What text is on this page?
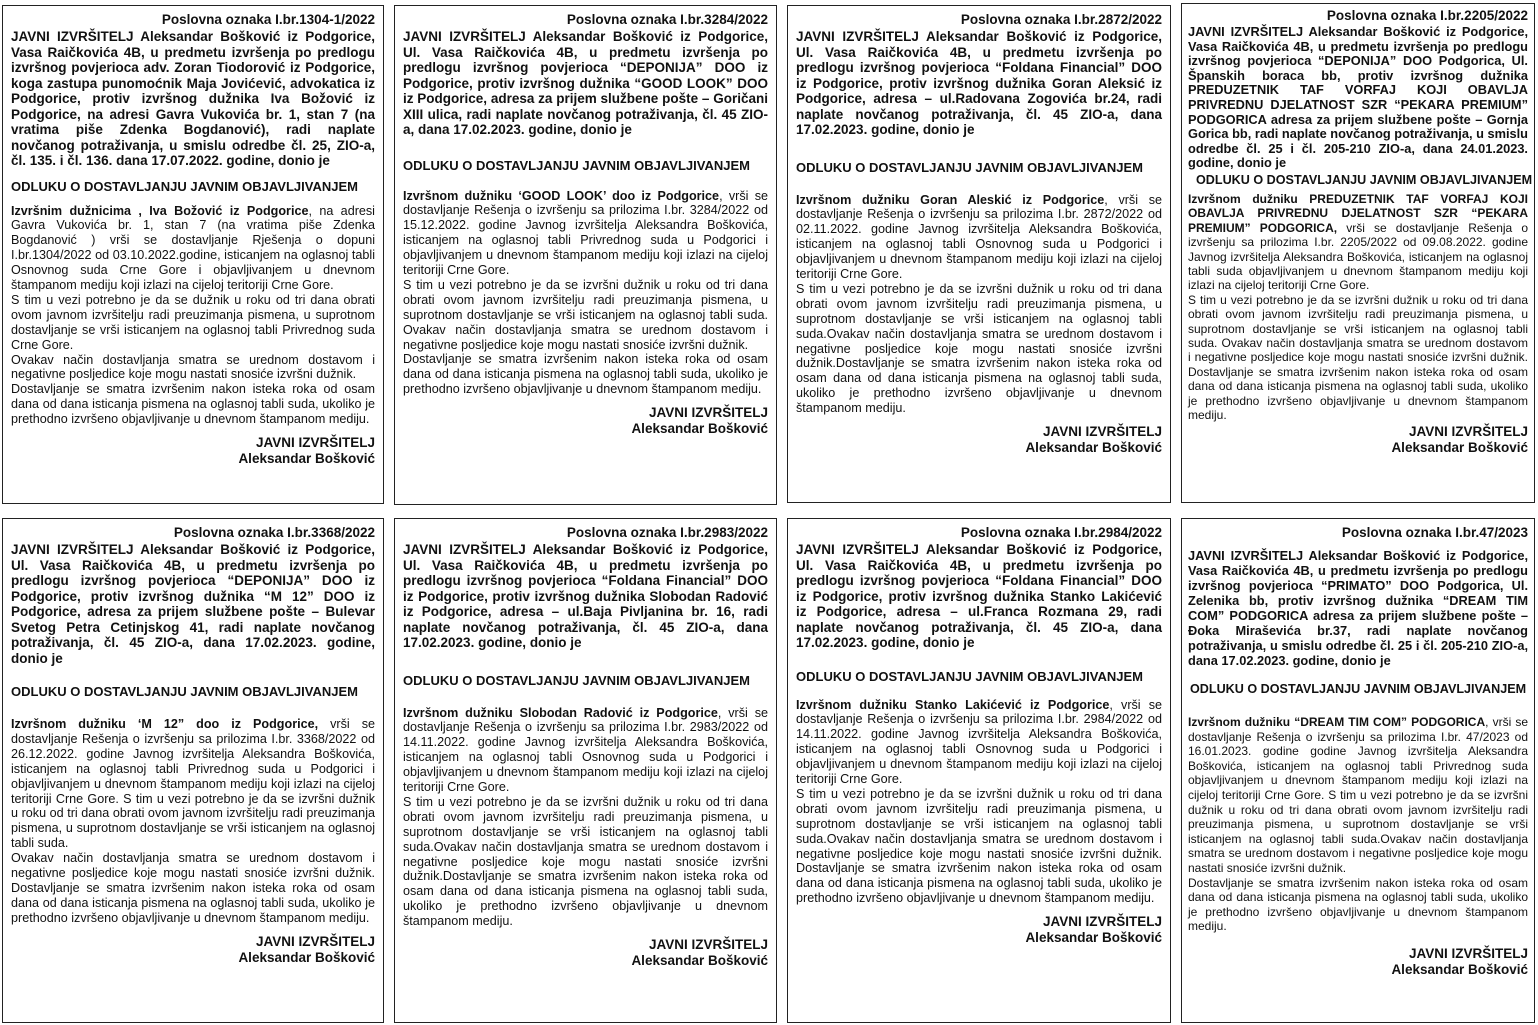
Poslovna oznaka I.br.1304-1/2022

JAVNI IZVRŠITELJ Aleksandar Bošković iz Podgorice, Vasa Raičkovića 4B, u predmetu izvršenja po predlogu izvršnog povjerioca adv. Zoran Tiodorović iz Podgorice, koga zastupa punomoćnik Maja Jovićević, advokatica iz Podgorice, protiv izvršnog dužnika Iva Božović iz Podgorice, na adresi Gavra Vukovića br. 1, stan 7 (na vratima piše Zdenka Bogdanović), radi naplate novčanog potraživanja, u smislu odredbe čl. 25, ZIO-a, čl. 135. i čl. 136. dana 17.07.2022. godine, donio je

ODLUKU O DOSTAVLJANJU JAVNIM OBJAVLJIVANJEM

Izvršnim dužnicima , Iva Božović iz Podgorice, na adresi Gavra Vukovića br. 1, stan 7 (na vratima piše Zdenka Bogdanović ) vrši se dostavljanje Rješenja o dopuni I.br.1304/2022 od 03.10.2022.godine, isticanjem na oglasnoj tabli Osnovnog suda Crne Gore i objavljivanjem u dnevnom štampanom mediju koji izlazi na cijeloj teritoriji Crne Gore.

S tim u vezi potrebno je da se dužnik u roku od tri dana obrati ovom javnom izvršitelju radi preuzimanja pismena, u suprotnom dostavljanje se vrši isticanjem na oglasnoj tabli Privrednog suda Crne Gore.

Ovakav način dostavljanja smatra se urednom dostavom i negativne posljedice koje mogu nastati snosiće izvršni dužnik.

Dostavljanje se smatra izvršenim nakon isteka roka od osam dana od dana isticanja pismena na oglasnoj tabli suda, ukoliko je prethodno izvršeno objavljivanje u dnevnom štampanom mediju.

JAVNI IZVRŠITELJ
Aleksandar Bošković
Poslovna oznaka I.br.3284/2022

JAVNI IZVRŠITELJ Aleksandar Bošković iz Podgorice, Ul. Vasa Raičkovića 4B, u predmetu izvršenja po predlogu izvršnog povjerioca “DEPONIJA” DOO iz Podgorice, protiv izvršnog dužnika “GOOD LOOK” DOO iz Podgorice, adresa za prijem službene pošte – Goričani XIII ulica, radi naplate novčanog potraživanja, čl. 45 ZIO-a, dana 17.02.2023. godine, donio je

ODLUKU O DOSTAVLJANJU JAVNIM OBJAVLJIVANJEM

Izvršnom dužniku ‘GOOD LOOK’ doo iz Podgorice, vrši se dostavljanje Rešenja o izvršenju sa prilozima I.br. 3284/2022 od 15.12.2022. godine Javnog izvršitelja Aleksandra Boškovića, isticanjem na oglasnoj tabli Privrednog suda u Podgorici i objavljivanjem u dnevnom štampanom mediju koji izlazi na cijeloj teritoriji Crne Gore.

S tim u vezi potrebno je da se izvršni dužnik u roku od tri dana obrati ovom javnom izvršitelju radi preuzimanja pismena, u suprotnom dostavljanje se vrši isticanjem na oglasnoj tabli suda. Ovakav način dostavljanja smatra se urednom dostavom i negativne posljedice koje mogu nastati snosiće izvršni dužnik.

Dostavljanje se smatra izvršenim nakon isteka roka od osam dana od dana isticanja pismena na oglasnoj tabli suda, ukoliko je prethodno izvršeno objavljivanje u dnevnom štampanom mediju.

JAVNI IZVRŠITELJ
Aleksandar Bošković
Poslovna oznaka I.br.2872/2022

JAVNI IZVRŠITELJ Aleksandar Bošković iz Podgorice, Ul. Vasa Raičkovića 4B, u predmetu izvršenja po predlogu izvršnog povjerioca “Foldana Financial” DOO iz Podgorice, protiv izvršnog dužnika Goran Aleksić iz Podgorice, adresa – ul.Radovana Zogovića br.24, radi naplate novčanog potraživanja, čl. 45 ZIO-a, dana 17.02.2023. godine, donio je

ODLUKU O DOSTAVLJANJU JAVNIM OBJAVLJIVANJEM

Izvršnom dužniku Goran Aleskić iz Podgorice, vrši se dostavljanje Rešenja o izvršenju sa prilozima I.br. 2872/2022 od 02.11.2022. godine Javnog izvršitelja Aleksandra Boškovića, isticanjem na oglasnoj tabli Osnovnog suda u Podgorici i objavljivanjem u dnevnom štampanom mediju koji izlazi na cijeloj teritoriji Crne Gore.

S tim u vezi potrebno je da se izvršni dužnik u roku od tri dana obrati ovom javnom izvršitelju radi preuzimanja pismena, u suprotnom dostavljanje se vrši isticanjem na oglasnoj tabli suda.Ovakav način dostavljanja smatra se urednom dostavom i negativne posljedice koje mogu nastati snosiće izvršni dužnik.Dostavljanje se smatra izvršenim nakon isteka roka od osam dana od dana isticanja pismena na oglasnoj tabli suda, ukoliko je prethodno izvršeno objavljivanje u dnevnom štampanom mediju.

JAVNI IZVRŠITELJ
Aleksandar Bošković
Poslovna oznaka I.br.2205/2022

JAVNI IZVRŠITELJ Aleksandar Bošković iz Podgorice, Vasa Raičkovića 4B, u predmetu izvršenja po predlogu izvršnog povjerioca “DEPONIJA” DOO Podgorica, Ul. Španskih boraca bb, protiv izvršnog dužnika PREDUZETNIK TAF VORFAJ KOJI OBAVLJA PRIVREDNU DJELATNOST SZR “PEKARA PREMIUM” PODGORICA adresa za prijem službene pošte – Gornja Gorica bb, radi naplate novčanog potraživanja, u smislu odredbe čl. 25 i čl. 205-210 ZIO-a, dana 24.01.2023. godine, donio je

ODLUKU O DOSTAVLJANJU JAVNIM OBJAVLJIVANJEM

Izvršnom dužniku PREDUZETNIK TAF VORFAJ KOJI OBAVLJA PRIVREDNU DJELATNOST SZR “PEKARA PREMIUM” PODGORICA, vrši se dostavljanje Rešenja o izvršenju sa prilozima I.br. 2205/2022 od 09.08.2022. godine Javnog izvršitelja Aleksandra Boškovića, isticanjem na oglasnoj tabli suda objavljivanjem u dnevnom štampanom mediju koji izlazi na cijeloj teritoriji Crne Gore.

S tim u vezi potrebno je da se izvršni dužnik u roku od tri dana obrati ovom javnom izvršitelju radi preuzimanja pismena, u suprotnom dostavljanje se vrši isticanjem na oglasnoj tabli suda. Ovakav način dostavljanja smatra se urednom dostavom i negativne posljedice koje mogu nastati snosiće izvršni dužnik. Dostavljanje se smatra izvršenim nakon isteka roka od osam dana od dana isticanja pismena na oglasnoj tabli suda, ukoliko je prethodno izvršeno objavljivanje u dnevnom štampanom mediju.

JAVNI IZVRŠITELJ
Aleksandar Bošković
Poslovna oznaka I.br.3368/2022

JAVNI IZVRŠITELJ Aleksandar Bošković iz Podgorice, Ul. Vasa Raičkovića 4B, u predmetu izvršenja po predlogu izvršnog povjerioca “DEPONIJA” DOO iz Podgorice, protiv izvršnog dužnika “M 12” DOO iz Podgorice, adresa za prijem službene pošte – Bulevar Svetog Petra Cetinjskog 41, radi naplate novčanog potraživanja, čl. 45 ZIO-a, dana 17.02.2023. godine, donio je

ODLUKU O DOSTAVLJANJU JAVNIM OBJAVLJIVANJEM

Izvršnom dužniku ‘M 12” doo iz Podgorice, vrši se dostavljanje Rešenja o izvršenju sa prilozima I.br. 3368/2022 od 26.12.2022. godine Javnog izvršitelja Aleksandra Boškovića, isticanjem na oglasnoj tabli Privrednog suda u Podgorici i objavljivanjem u dnevnom štampanom mediju koji izlazi na cijeloj teritoriji Crne Gore. S tim u vezi potrebno je da se izvršni dužnik u roku od tri dana obrati ovom javnom izvršitelju radi preuzimanja pismena, u suprotnom dostavljanje se vrši isticanjem na oglasnoj tabli suda.

Ovakav način dostavljanja smatra se urednom dostavom i negativne posljedice koje mogu nastati snosiće izvršni dužnik. Dostavljanje se smatra izvršenim nakon isteka roka od osam dana od dana isticanja pismena na oglasnoj tabli suda, ukoliko je prethodno izvršeno objavljivanje u dnevnom štampanom mediju.

JAVNI IZVRŠITELJ
Aleksandar Bošković
Poslovna oznaka I.br.2983/2022

JAVNI IZVRŠITELJ Aleksandar Bošković iz Podgorice, Ul. Vasa Raičkovića 4B, u predmetu izvršenja po predlogu izvršnog povjerioca “Foldana Financial” DOO iz Podgorice, protiv izvršnog dužnika Slobodan Radović iz Podgorice, adresa – ul.Baja Pivljanina br. 16, radi naplate novčanog potraživanja, čl. 45 ZIO-a, dana 17.02.2023. godine, donio je

ODLUKU O DOSTAVLJANJU JAVNIM OBJAVLJIVANJEM

Izvršnom dužniku Slobodan Radović iz Podgorice, vrši se dostavljanje Rešenja o izvršenju sa prilozima I.br. 2983/2022 od 14.11.2022. godine Javnog izvršitelja Aleksandra Boškovića, isticanjem na oglasnoj tabli Osnovnog suda u Podgorici i objavljivanjem u dnevnom štampanom mediju koji izlazi na cijeloj teritoriji Crne Gore.

S tim u vezi potrebno je da se izvršni dužnik u roku od tri dana obrati ovom javnom izvršitelju radi preuzimanja pismena, u suprotnom dostavljanje se vrši isticanjem na oglasnoj tabli suda.Ovakav način dostavljanja smatra se urednom dostavom i negativne posljedice koje mogu nastati snosiće izvršni dužnik.Dostavljanje se smatra izvršenim nakon isteka roka od osam dana od dana isticanja pismena na oglasnoj tabli suda, ukoliko je prethodno izvršeno objavljivanje u dnevnom štampanom mediju.

JAVNI IZVRŠITELJ
Aleksandar Bošković
Poslovna oznaka I.br.2984/2022

JAVNI IZVRŠITELJ Aleksandar Bošković iz Podgorice, Ul. Vasa Raičkovića 4B, u predmetu izvršenja po predlogu izvršnog povjerioca “Foldana Financial” DOO iz Podgorice, protiv izvršnog dužnika Stanko Lakićević iz Podgorice, adresa – ul.Franca Rozmana 29, radi naplate novčanog potraživanja, čl. 45 ZIO-a, dana 17.02.2023. godine, donio je

ODLUKU O DOSTAVLJANJU JAVNIM OBJAVLJIVANJEM

Izvršnom dužniku Stanko Lakićević iz Podgorice, vrši se dostavljanje Rešenja o izvršenju sa prilozima I.br. 2984/2022 od 14.11.2022. godine Javnog izvršitelja Aleksandra Boškovića, isticanjem na oglasnoj tabli Osnovnog suda u Podgorici i objavljivanjem u dnevnom štampanom mediju koji izlazi na cijeloj teritoriji Crne Gore.

S tim u vezi potrebno je da se izvršni dužnik u roku od tri dana obrati ovom javnom izvršitelju radi preuzimanja pismena, u suprotnom dostavljanje se vrši isticanjem na oglasnoj tabli suda.Ovakav način dostavljanja smatra se urednom dostavom i negativne posljedice koje mogu nastati snosiće izvršni dužnik. Dostavljanje se smatra izvršenim nakon isteka roka od osam dana od dana isticanja pismena na oglasnoj tabli suda, ukoliko je prethodno izvršeno objavljivanje u dnevnom štampanom mediju.

JAVNI IZVRŠITELJ
Aleksandar Bošković
Poslovna oznaka I.br.47/2023

JAVNI IZVRŠITELJ Aleksandar Bošković iz Podgorice, Vasa Raičkovića 4B, u predmetu izvršenja po predlogu izvršnog povjerioca “PRIMATO” DOO Podgorica, Ul. Zelenika bb, protiv izvršnog dužnika “DREAM TIM COM” PODGORICA adresa za prijem službene pošte – Đoka Miraševića br.37, radi naplate novčanog potraživanja, u smislu odredbe čl. 25 i čl. 205-210 ZIO-a, dana 17.02.2023. godine, donio je

ODLUKU O DOSTAVLJANJU JAVNIM OBJAVLJIVANJEM

Izvršnom dužniku “DREAM TIM COM” PODGORICA, vrši se dostavljanje Rešenja o izvršenju sa prilozima I.br. 47/2023 od 16.01.2023. godine godine Javnog izvršitelja Aleksandra Boškovića, isticanjem na oglasnoj tabli Privrednog suda objavljivanjem u dnevnom štampanom mediju koji izlazi na cijeloj teritoriji Crne Gore. S tim u vezi potrebno je da se izvršni dužnik u roku od tri dana obrati ovom javnom izvršitelju radi preuzimanja pismena, u suprotnom dostavljanje se vrši isticanjem na oglasnoj tabli suda.Ovakav način dostavljanja smatra se urednom dostavom i negativne posljedice koje mogu nastati snosiće izvršni dužnik.

Dostavljanje se smatra izvršenim nakon isteka roka od osam dana od dana isticanja pismena na oglasnoj tabli suda, ukoliko je prethodno izvršeno objavljivanje u dnevnom štampanom mediju.

JAVNI IZVRŠITELJ
Aleksandar Bošković
